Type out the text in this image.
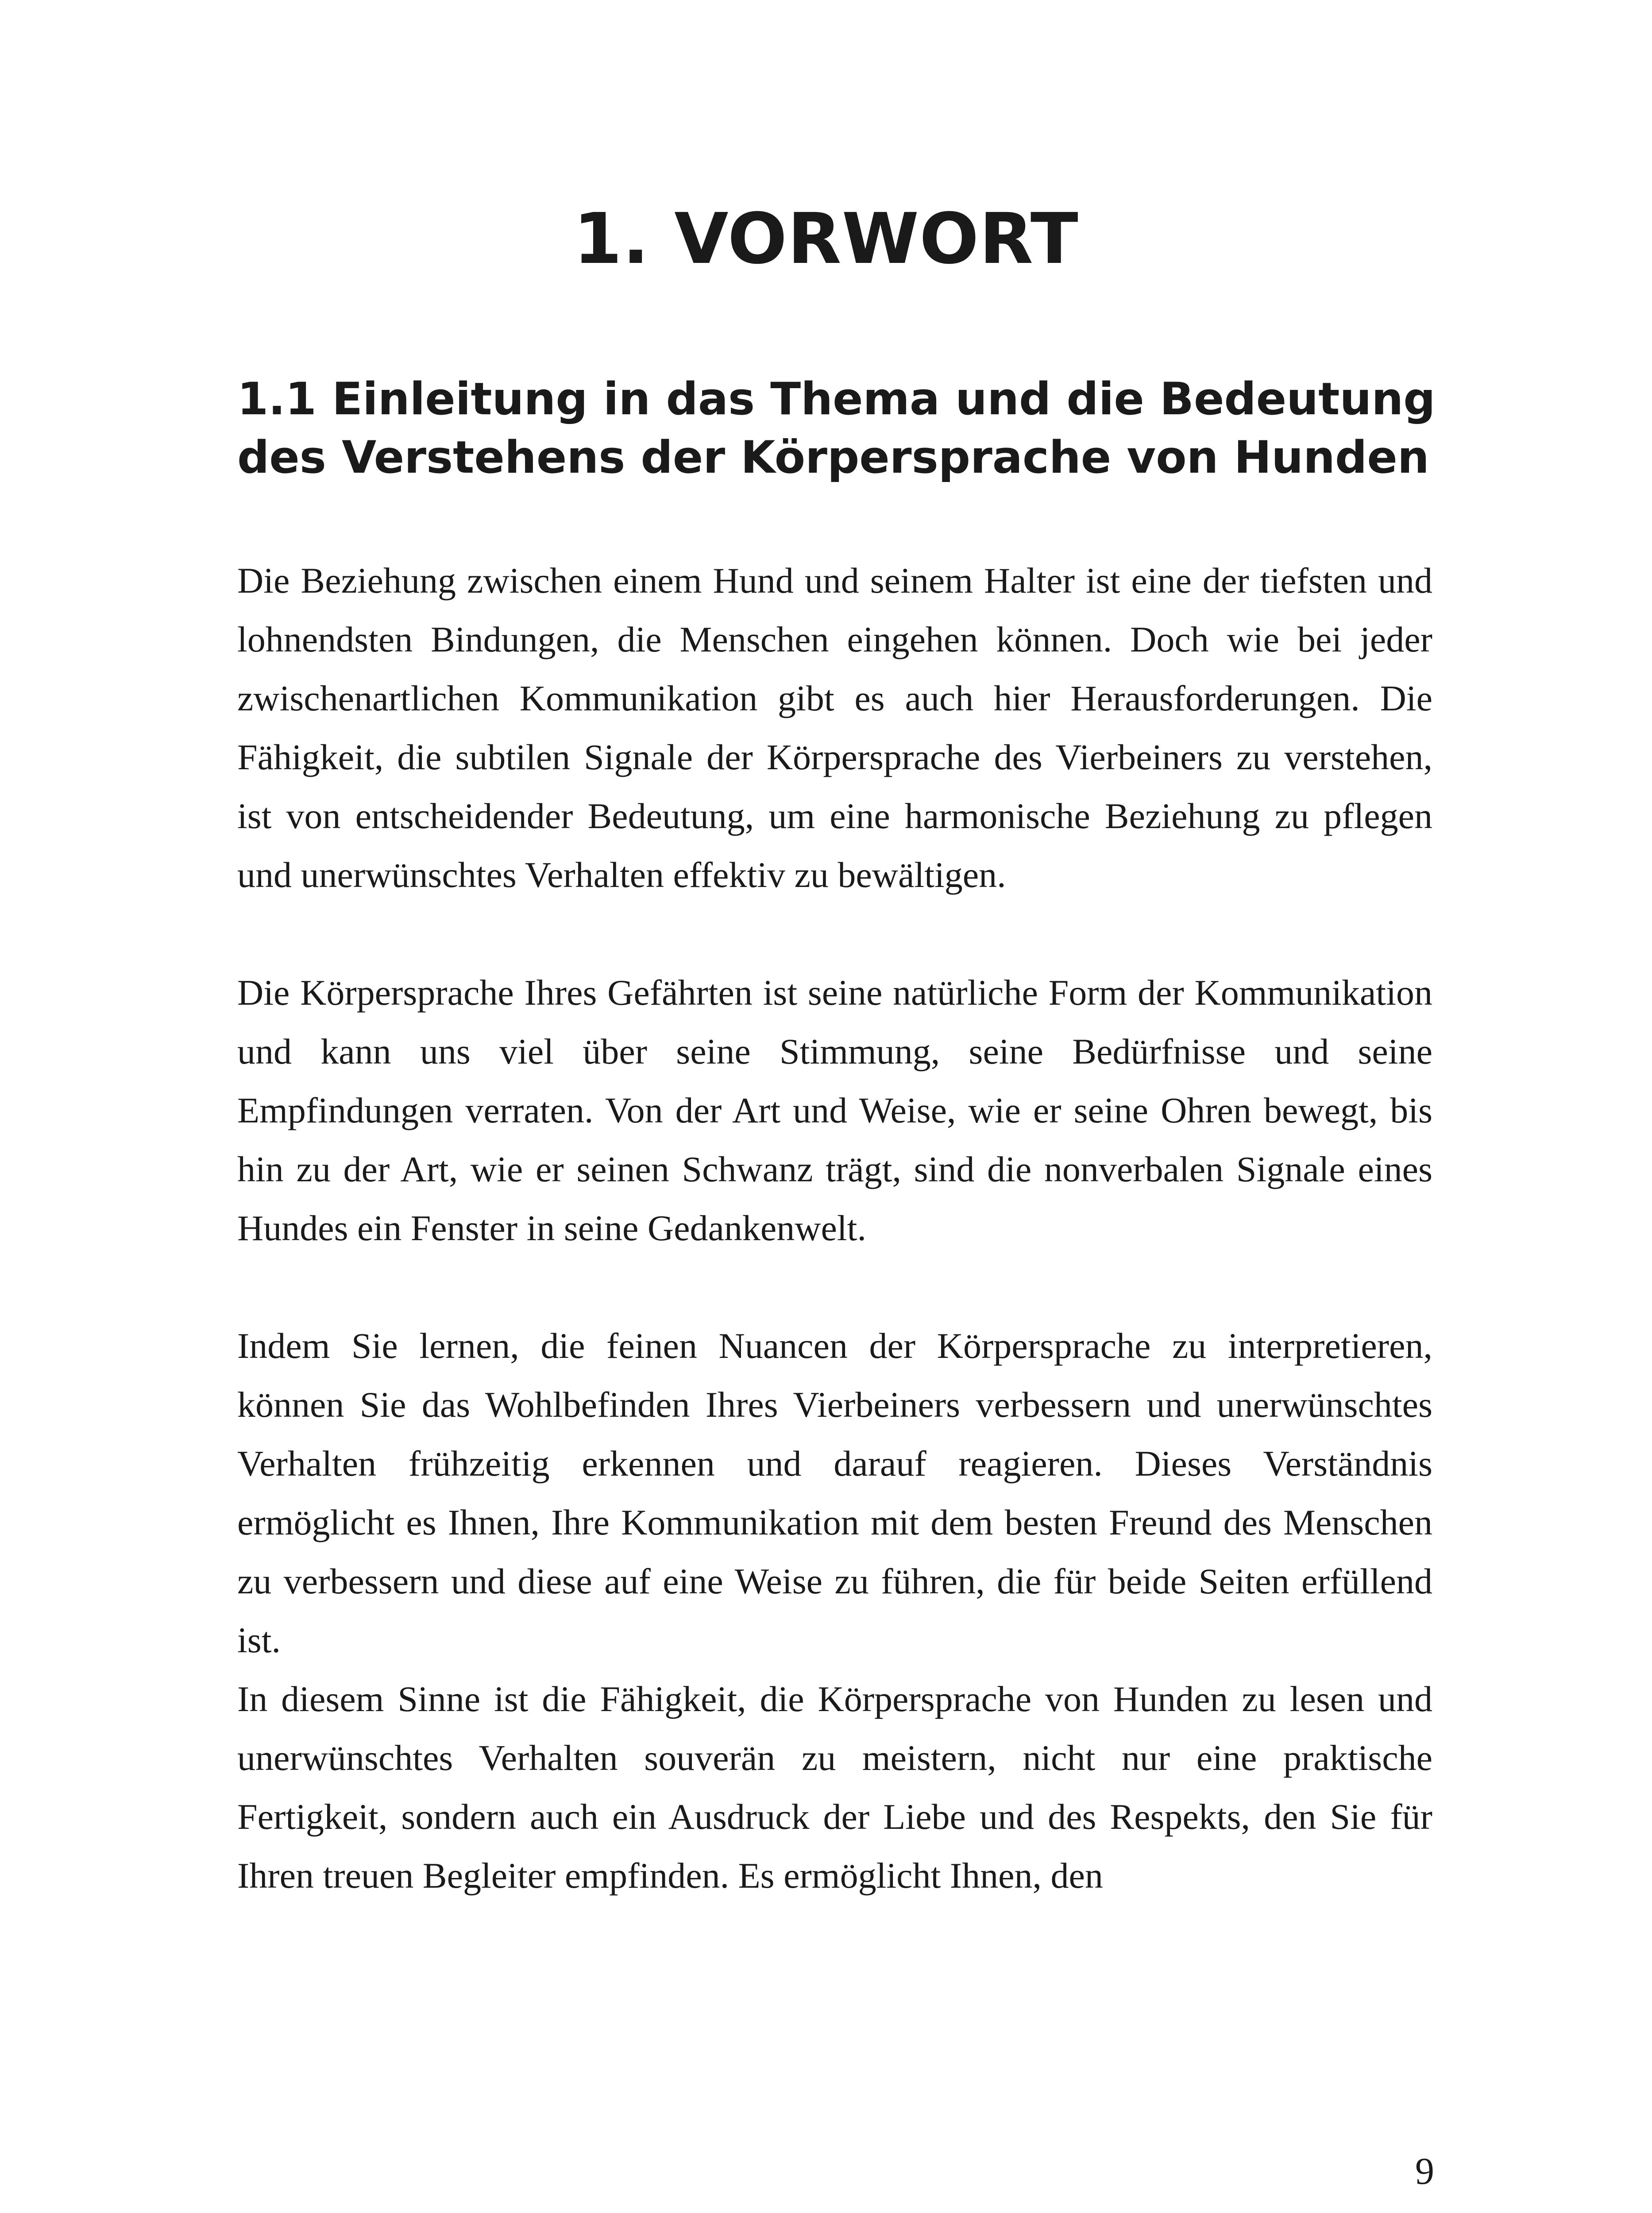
1. VORWORT
1.1 Einleitung in das Thema und die Bedeutung des Verstehens der Körpersprache von Hunden

Die Beziehung zwischen einem Hund und seinem Halter ist eine der tiefsten und lohnendsten Bindungen, die Menschen eingehen können. Doch wie bei jeder zwischenartlichen Kommunikation gibt es auch hier Herausforderungen. Die Fähigkeit, die subtilen Signale der Körpersprache des Vierbeiners zu verstehen, ist von entscheidender Bedeutung, um eine harmonische Beziehung zu pflegen und unerwünschtes Verhalten effektiv zu bewältigen.

Die Körpersprache Ihres Gefährten ist seine natürliche Form der Kommunikation und kann uns viel über seine Stimmung, seine Bedürfnisse und seine Empfindungen verraten. Von der Art und Weise, wie er seine Ohren bewegt, bis hin zu der Art, wie er seinen Schwanz trägt, sind die nonverbalen Signale eines Hundes ein Fenster in seine Gedankenwelt.

Indem Sie lernen, die feinen Nuancen der Körpersprache zu interpretieren, können Sie das Wohlbefinden Ihres Vierbeiners verbessern und unerwünschtes Verhalten frühzeitig erkennen und darauf reagieren. Dieses Verständnis ermöglicht es Ihnen, Ihre Kommunikation mit dem besten Freund des Menschen zu verbessern und diese auf eine Weise zu führen, die für beide Seiten erfüllend ist.

In diesem Sinne ist die Fähigkeit, die Körpersprache von Hunden zu lesen und unerwünschtes Verhalten souverän zu meistern, nicht nur eine praktische Fertigkeit, sondern auch ein Ausdruck der Liebe und des Respekts, den Sie für Ihren treuen Begleiter empfinden. Es ermöglicht Ihnen, den

9
